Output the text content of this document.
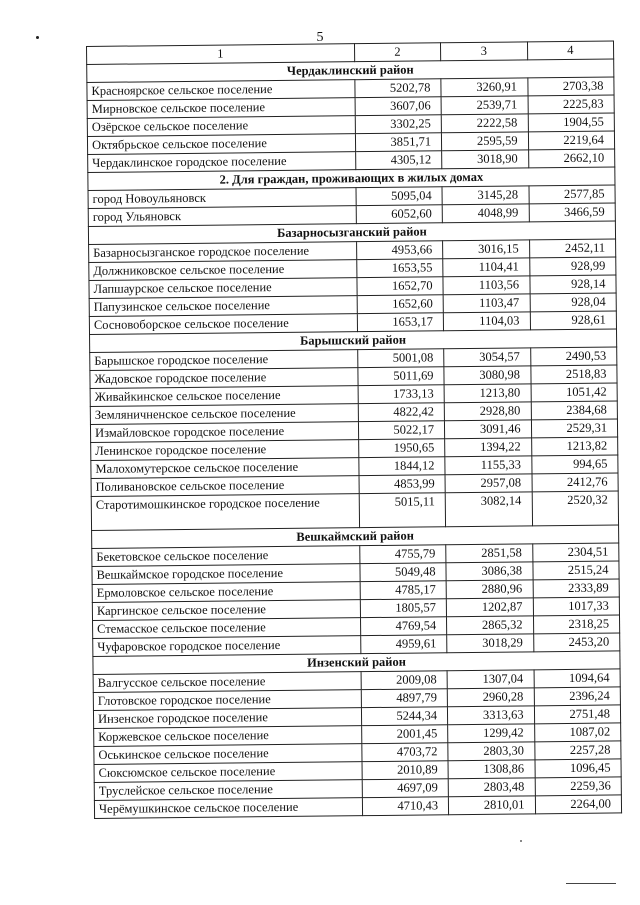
5
1	2	3	4
Чердаклинский район			
Красноярское сельское поселение	5202,78	3260,91	2703,38
Мирновское сельское поселение	3607,06	2539,71	2225,83
Озёрское сельское поселение	3302,25	2222,58	1904,55
Октябрьское сельское поселение	3851,71	2595,59	2219,64
Чердаклинское городское поселение	4305,12	3018,90	2662,10
2. Для граждан, проживающих в жилых домах			
город Новоульяновск	5095,04	3145,28	2577,85
город Ульяновск	6052,60	4048,99	3466,59
Базарносызганский район			
Базарносызганское городское поселение	4953,66	3016,15	2452,11
Должниковское сельское поселение	1653,55	1104,41	928,99
Лапшаурское сельское поселение	1652,70	1103,56	928,14
Папузинское сельское поселение	1652,60	1103,47	928,04
Сосновоборское сельское поселение	1653,17	1104,03	928,61
Барышский район			
Барышское городское поселение	5001,08	3054,57	2490,53
Жадовское городское поселение	5011,69	3080,98	2518,83
Живайкинское сельское поселение	1733,13	1213,80	1051,42
Земляничненское сельское поселение	4822,42	2928,80	2384,68
Измайловское городское поселение	5022,17	3091,46	2529,31
Ленинское городское поселение	1950,65	1394,22	1213,82
Малохомутерское сельское поселение	1844,12	1155,33	994,65
Поливановское сельское поселение	4853,99	2957,08	2412,76
Старотимошкинское городское поселение	5015,11	3082,14	2520,32
Вешкаймский район			
Бекетовское сельское поселение	4755,79	2851,58	2304,51
Вешкаймское городское поселение	5049,48	3086,38	2515,24
Ермоловское сельское поселение	4785,17	2880,96	2333,89
Каргинское сельское поселение	1805,57	1202,87	1017,33
Стемасское сельское поселение	4769,54	2865,32	2318,25
Чуфаровское городское поселение	4959,61	3018,29	2453,20
Инзенский район			
Валгусское сельское поселение	2009,08	1307,04	1094,64
Глотовское городское поселение	4897,79	2960,28	2396,24
Инзенское городское поселение	5244,34	3313,63	2751,48
Коржевское сельское поселение	2001,45	1299,42	1087,02
Оськинское сельское поселение	4703,72	2803,30	2257,28
Сюксюмское сельское поселение	2010,89	1308,86	1096,45
Труслейское сельское поселение	4697,09	2803,48	2259,36
Черёмушкинское сельское поселение	4710,43	2810,01	2264,00
